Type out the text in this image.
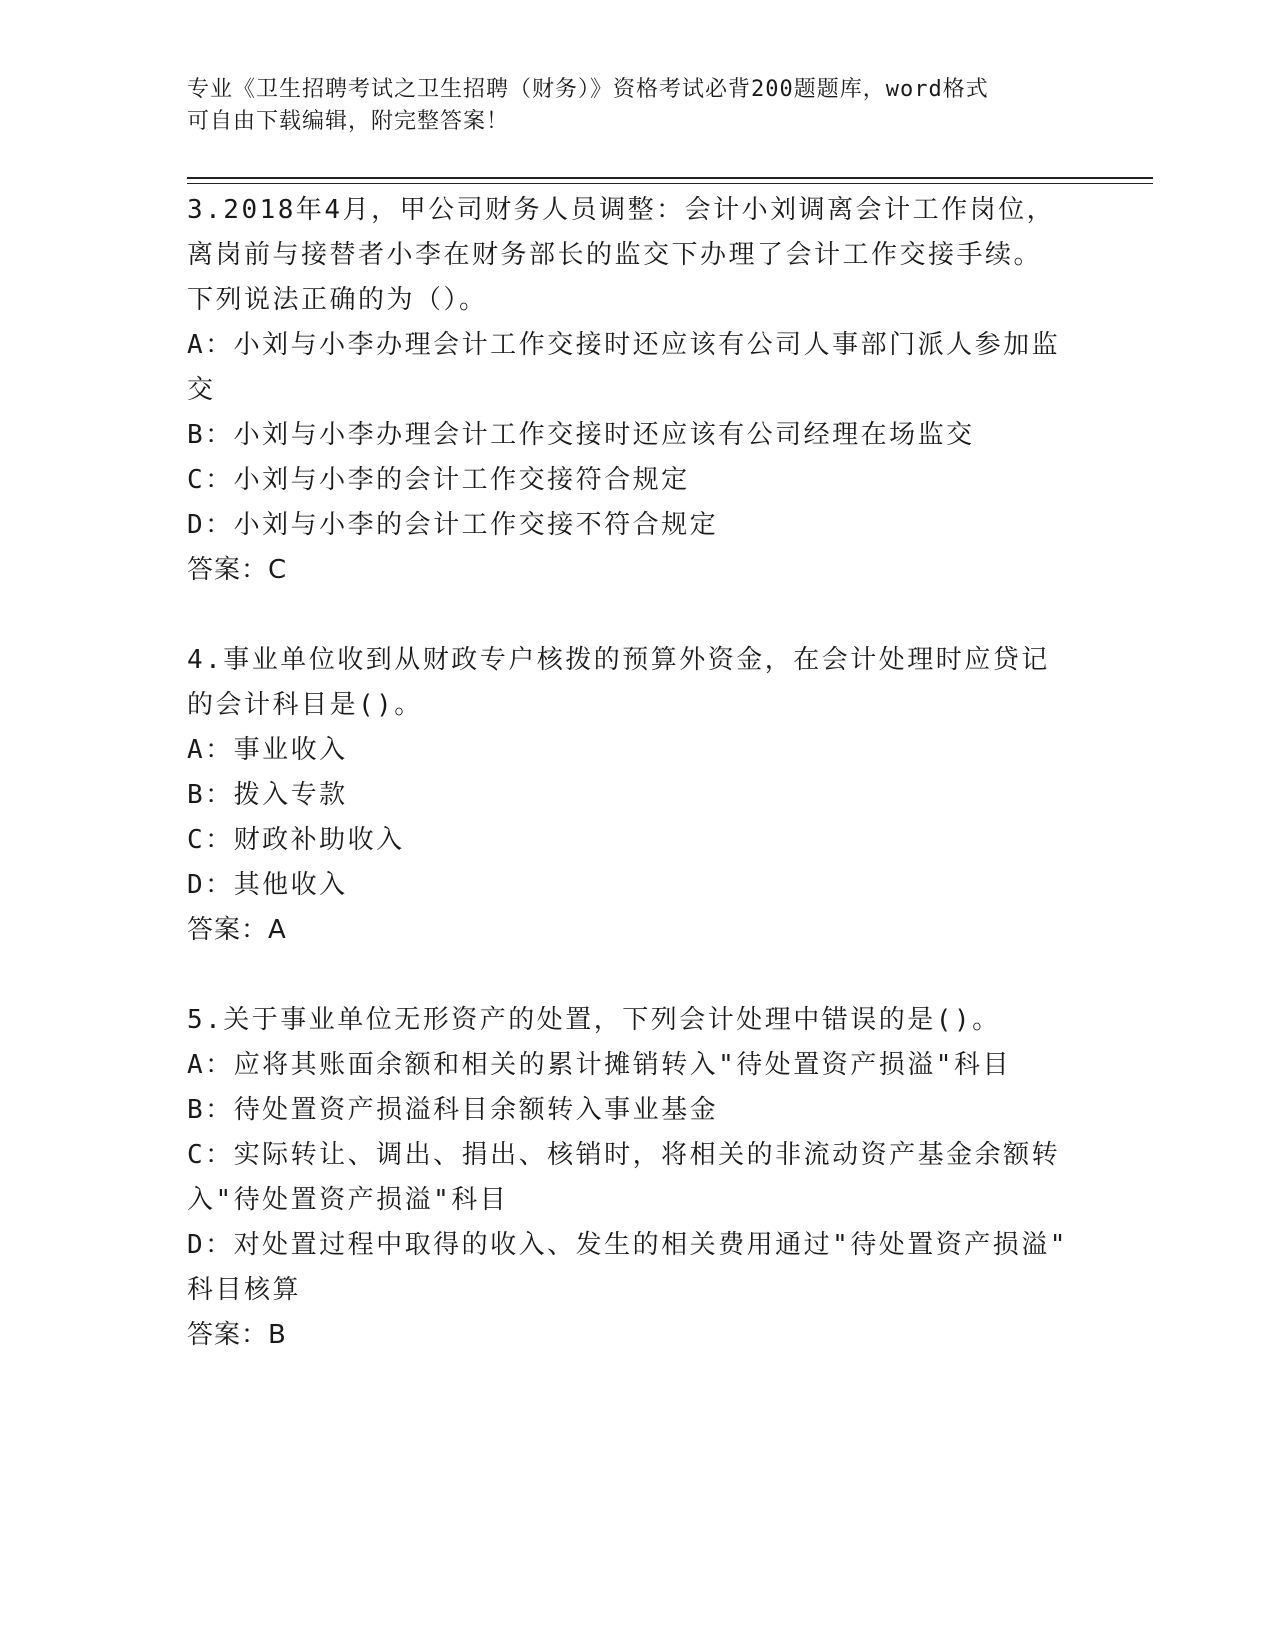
专业《卫生招聘考试之卫生招聘（财务）》资格考试必背200题题库，word格式
可自由下载编辑，附完整答案！

3.2018年4月，甲公司财务人员调整：会计小刘调离会计工作岗位，

离岗前与接替者小李在财务部长的监交下办理了会计工作交接手续。

下列说法正确的为（）。

A：小刘与小李办理会计工作交接时还应该有公司人事部门派人参加监

交

B：小刘与小李办理会计工作交接时还应该有公司经理在场监交

C：小刘与小李的会计工作交接符合规定

D：小刘与小李的会计工作交接不符合规定

答案：C

4.事业单位收到从财政专户核拨的预算外资金，在会计处理时应贷记

的会计科目是()。

A：事业收入

B：拨入专款

C：财政补助收入

D：其他收入

答案：A

5.关于事业单位无形资产的处置，下列会计处理中错误的是()。

A：应将其账面余额和相关的累计摊销转入"待处置资产损溢"科目

B：待处置资产损溢科目余额转入事业基金

C：实际转让、调出、捐出、核销时，将相关的非流动资产基金余额转

入"待处置资产损溢"科目

D：对处置过程中取得的收入、发生的相关费用通过"待处置资产损溢"

科目核算

答案：B
